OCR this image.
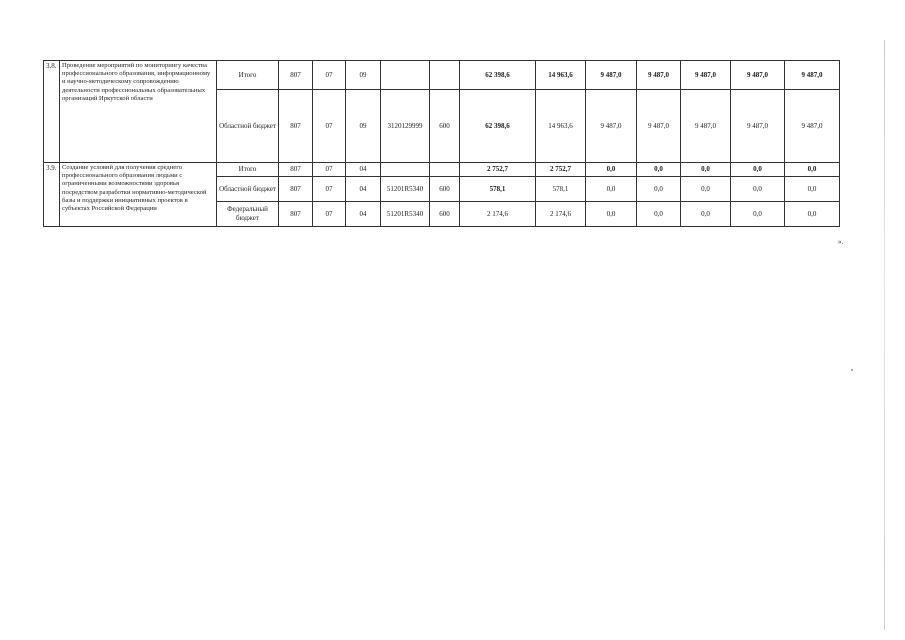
3.8.	Проведение мероприятий по мониторингу качества профессионального образования, информационному и научно-методическому сопровождению деятельности профессиональных образовательных организаций Иркутской области	Итого	807	07	09			62 398,6	14 963,6	9 487,0	9 487,0	9 487,0	9 487,0	9 487,0
		Областной бюджет	807	07	09	3120129999	600	62 398,6	14 963,6	9 487,0	9 487,0	9 487,0	9 487,0	9 487,0
3.9.	Создание условий для получения среднего профессионального образования людьми с ограниченными возможностями здоровья посредством разработки нормативно-методической базы и поддержки инициативных проектов в субъектах Российской Федерации	Итого	807	07	04			2 752,7	2 752,7	0,0	0,0	0,0	0,0	0,0
		Областной бюджет	807	07	04	51201R5340	600	578,1	578,1	0,0	0,0	0,0	0,0	0,0
		Федеральный бюджет	807	07	04	51201R5340	600	2 174,6	2 174,6	0,0	0,0	0,0	0,0	0,0
».
